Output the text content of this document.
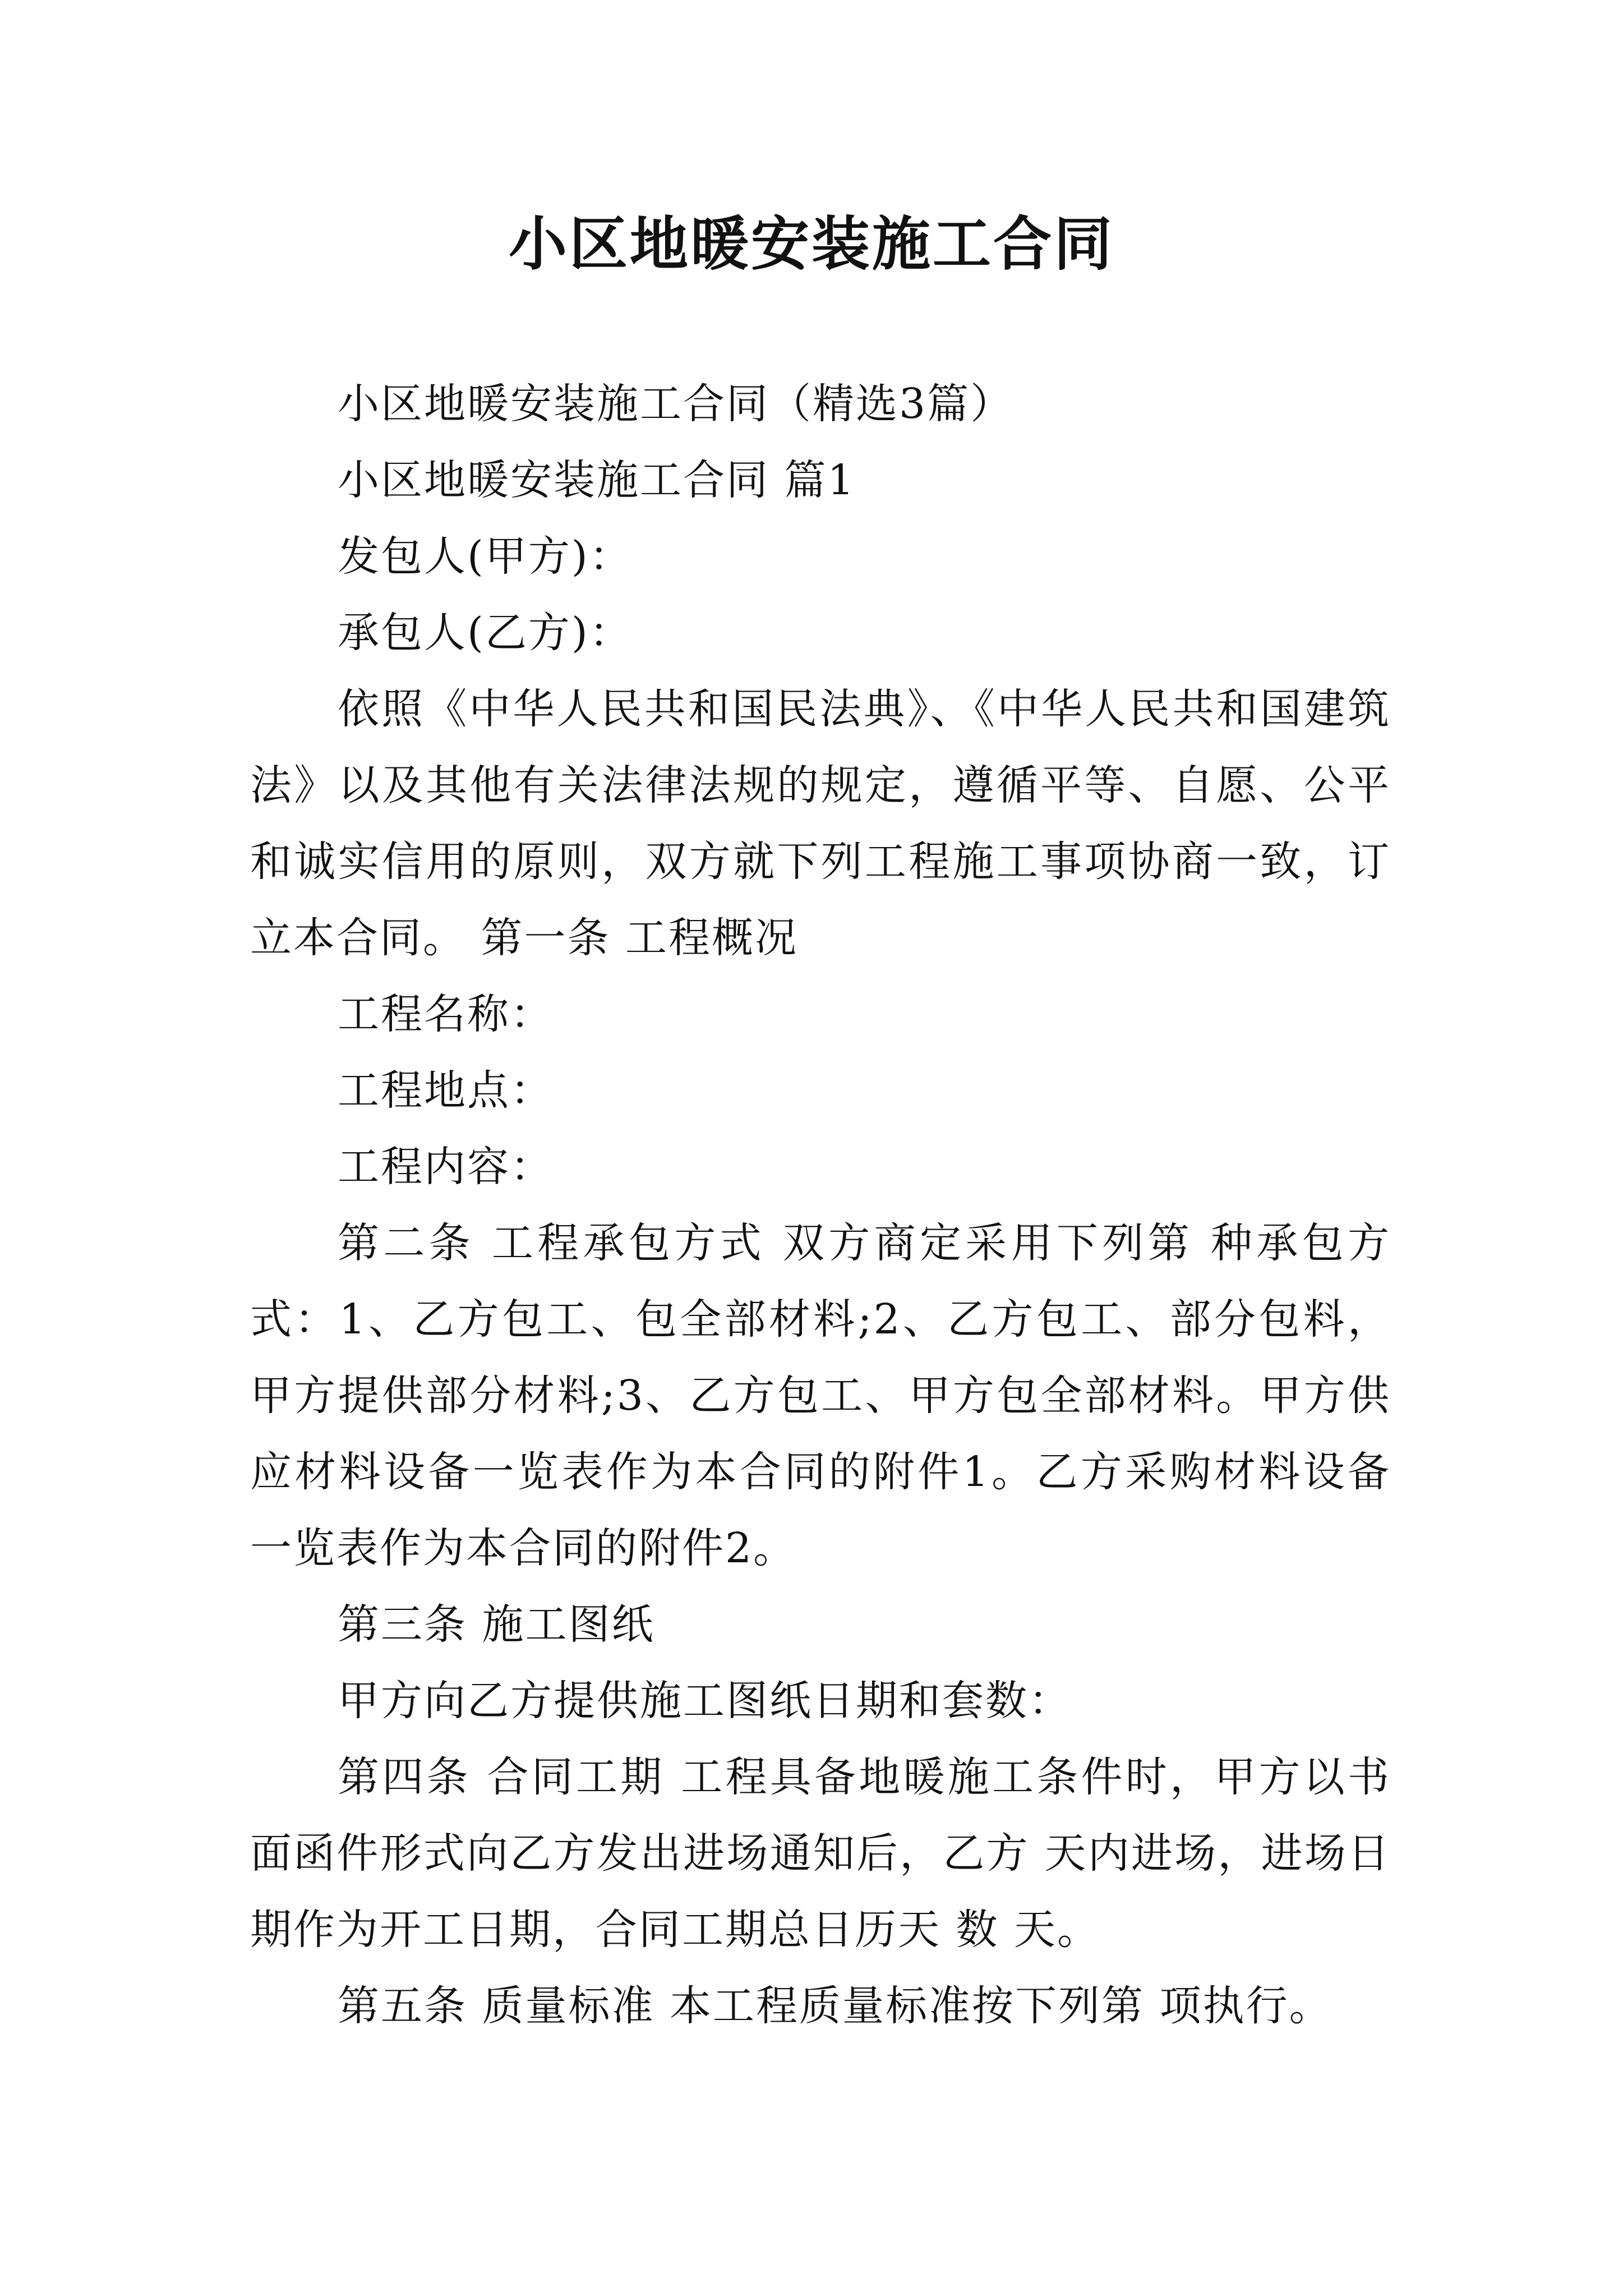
小区地暖安装施工合同

小区地暖安装施工合同（精选3篇）

小区地暖安装施工合同 篇1

发包人(甲方)：

承包人(乙方)：

依照《中华人民共和国民法典》、《中华人民共和国建筑法》以及其他有关法律法规的规定，遵循平等、自愿、公平和诚实信用的原则，双方就下列工程施工事项协商一致，订立本合同。 第一条 工程概况

工程名称：

工程地点：

工程内容：

第二条 工程承包方式 双方商定采用下列第 种承包方式：1、乙方包工、包全部材料;2、乙方包工、部分包料，甲方提供部分材料;3、乙方包工、甲方包全部材料。甲方供应材料设备一览表作为本合同的附件1。乙方采购材料设备一览表作为本合同的附件2。

第三条 施工图纸

甲方向乙方提供施工图纸日期和套数：

第四条 合同工期 工程具备地暖施工条件时，甲方以书面函件形式向乙方发出进场通知后，乙方 天内进场，进场日期作为开工日期，合同工期总日历天 数 天。

第五条 质量标准 本工程质量标准按下列第 项执行。
